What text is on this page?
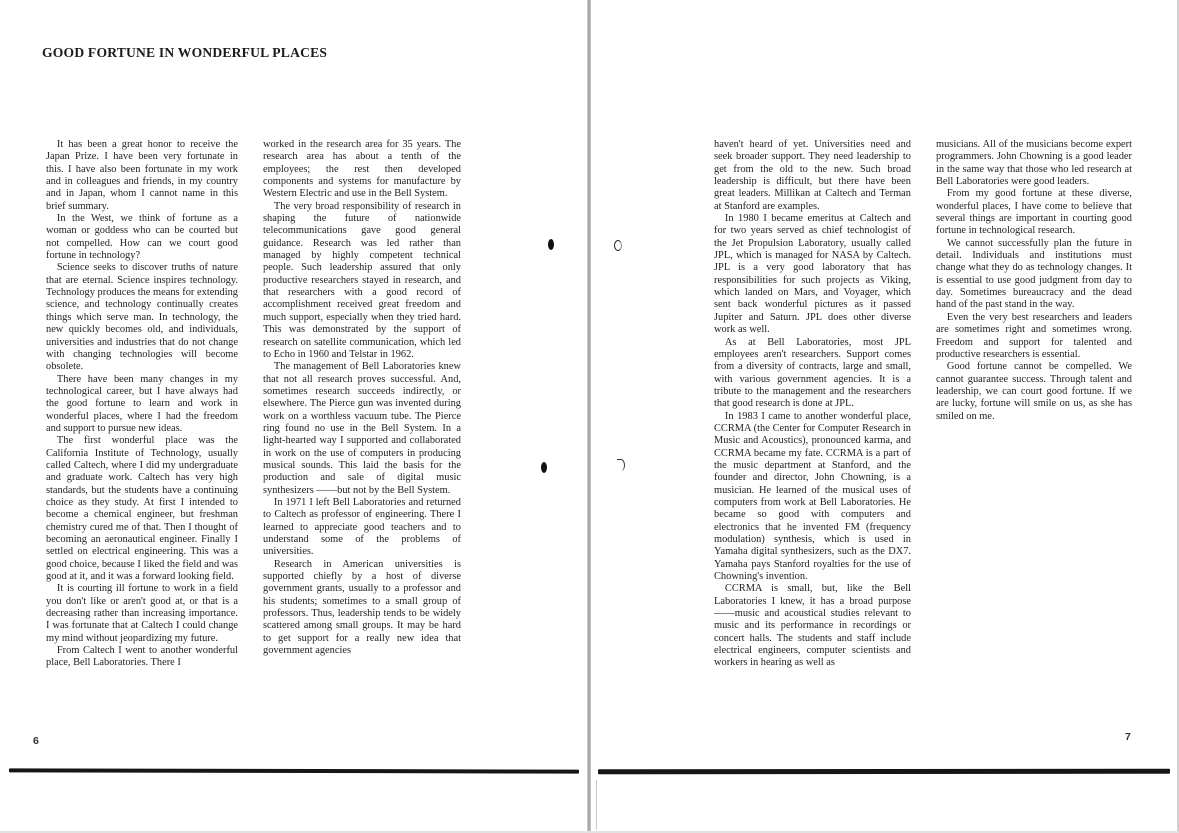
GOOD FORTUNE IN WONDERFUL PLACES

It has been a great honor to receive the Japan Prize. I have been very fortunate in this. I have also been fortunate in my work and in colleagues and friends, in my country and in Japan, whom I cannot name in this brief summary.

In the West, we think of fortune as a woman or goddess who can be courted but not compelled. How can we court good fortune in technology?

Science seeks to discover truths of nature that are eternal. Science inspires technology. Technology produces the means for extending science, and technology continually creates things which serve man. In technology, the new quickly becomes old, and individuals, universities and industries that do not change with changing technologies will become obsolete.

There have been many changes in my technological career, but I have always had the good fortune to learn and work in wonderful places, where I had the freedom and support to pursue new ideas.

The first wonderful place was the California Institute of Technology, usually called Caltech, where I did my undergraduate and graduate work. Caltech has very high standards, but the students have a continuing choice as they study. At first I intended to become a chemical engineer, but freshman chemistry cured me of that. Then I thought of becoming an aeronautical engineer. Finally I settled on electrical engineering. This was a good choice, because I liked the field and was good at it, and it was a forward looking field.

It is courting ill fortune to work in a field you don't like or aren't good at, or that is a decreasing rather than increasing importance. I was fortunate that at Caltech I could change my mind without jeopardizing my future.

From Caltech I went to another wonderful place, Bell Laboratories. There I

worked in the research area for 35 years. The research area has about a tenth of the employees; the rest then developed components and systems for manufacture by Western Electric and use in the Bell System.

The very broad responsibility of research in shaping the future of nationwide telecommunications gave good general guidance. Research was led rather than managed by highly competent technical people. Such leadership assured that only productive researchers stayed in research, and that researchers with a good record of accomplishment received great freedom and much support, especially when they tried hard. This was demonstrated by the support of research on satellite communication, which led to Echo in 1960 and Telstar in 1962.

The management of Bell Laboratories knew that not all research proves successful. And, sometimes research succeeds indirectly, or elsewhere. The Pierce gun was invented during work on a worthless vacuum tube. The Pierce ring found no use in the Bell System. In a light-hearted way I supported and collaborated in work on the use of computers in producing musical sounds. This laid the basis for the production and sale of digital music synthesizers ——but not by the Bell System.

In 1971 I left Bell Laboratories and returned to Caltech as professor of engineering. There I learned to appreciate good teachers and to understand some of the problems of universities.

Research in American universities is supported chiefly by a host of diverse government grants, usually to a professor and his students; sometimes to a small group of professors. Thus, leadership tends to be widely scattered among small groups. It may be hard to get support for a really new idea that government agencies

haven't heard of yet. Universities need and seek broader support. They need leadership to get from the old to the new. Such broad leadership is difficult, but there have been great leaders. Millikan at Caltech and Terman at Stanford are examples.

In 1980 I became emeritus at Caltech and for two years served as chief technologist of the Jet Propulsion Laboratory, usually called JPL, which is managed for NASA by Caltech. JPL is a very good laboratory that has responsibilities for such projects as Viking, which landed on Mars, and Voyager, which sent back wonderful pictures as it passed Jupiter and Saturn. JPL does other diverse work as well.

As at Bell Laboratories, most JPL employees aren't researchers. Support comes from a diversity of contracts, large and small, with various government agencies. It is a tribute to the management and the researchers that good research is done at JPL.

In 1983 I came to another wonderful place, CCRMA (the Center for Computer Research in Music and Acoustics), pronounced karma, and CCRMA became my fate. CCRMA is a part of the music department at Stanford, and the founder and director, John Chowning, is a musician. He learned of the musical uses of computers from work at Bell Laboratories. He became so good with computers and electronics that he invented FM (frequency modulation) synthesis, which is used in Yamaha digital synthesizers, such as the DX7. Yamaha pays Stanford royalties for the use of Chowning's invention.

CCRMA is small, but, like the Bell Laboratories I knew, it has a broad purpose——music and acoustical studies relevant to music and its performance in recordings or concert halls. The students and staff include electrical engineers, computer scientists and workers in hearing as well as

musicians. All of the musicians become expert programmers. John Chowning is a good leader in the same way that those who led research at Bell Laboratories were good leaders.

From my good fortune at these diverse, wonderful places, I have come to believe that several things are important in courting good fortune in technological research.

We cannot successfully plan the future in detail. Individuals and institutions must change what they do as technology changes. It is essential to use good judgment from day to day. Sometimes bureaucracy and the dead hand of the past stand in the way.

Even the very best researchers and leaders are sometimes right and sometimes wrong. Freedom and support for talented and productive researchers is essential.

Good fortune cannot be compelled. We cannot guarantee success. Through talent and leadership, we can court good fortune. If we are lucky, fortune will smile on us, as she has smiled on me.

6	7
